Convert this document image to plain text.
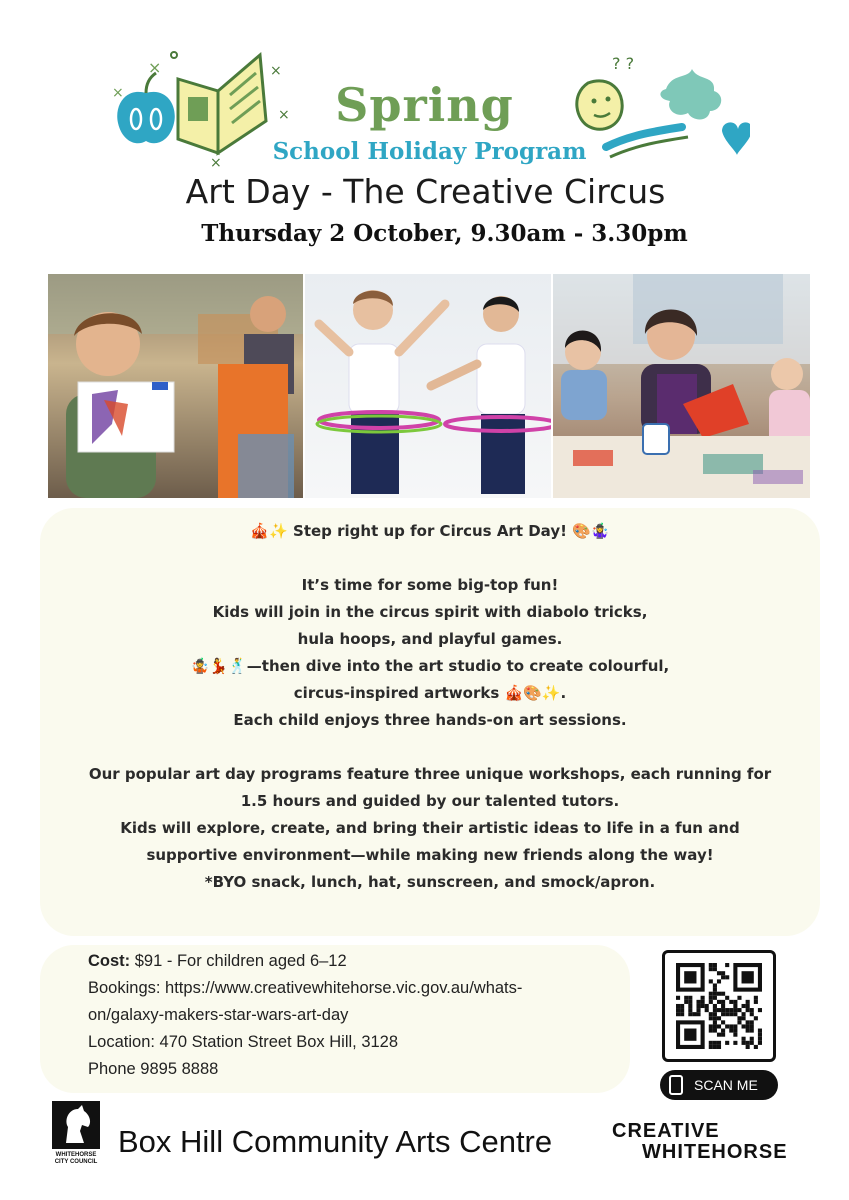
×
×
×
×
×
? ?
Spring
School Holiday Program
Art Day - The Creative Circus
Thursday 2 October, 9.30am - 3.30pm
🎪✨ Step right up for Circus Art Day! 🎨🤹‍♀️
It’s time for some big-top fun!
Kids will join in the circus spirit with diabolo tricks,
hula hoops, and playful games.
🤹💃🕺—then dive into the art studio to create colourful,
circus-inspired artworks 🎪🎨✨.
Each child enjoys three hands-on art sessions.
Our popular art day programs feature three unique workshops, each running for
1.5 hours and guided by our talented tutors.
Kids will explore, create, and bring their artistic ideas to life in a fun and
supportive environment—while making new friends along the way!
*BYO snack, lunch, hat, sunscreen, and smock/apron.
Cost: $91 - For children aged 6–12
Bookings: https://www.creativewhitehorse.vic.gov.au/whats-
on/galaxy-makers-star-wars-art-day
Location: 470 Station Street Box Hill, 3128
Phone 9895 8888
SCAN ME
WHITEHORSE
CITY COUNCIL
Box Hill Community Arts Centre	CREATIVE
WHITEHORSE
